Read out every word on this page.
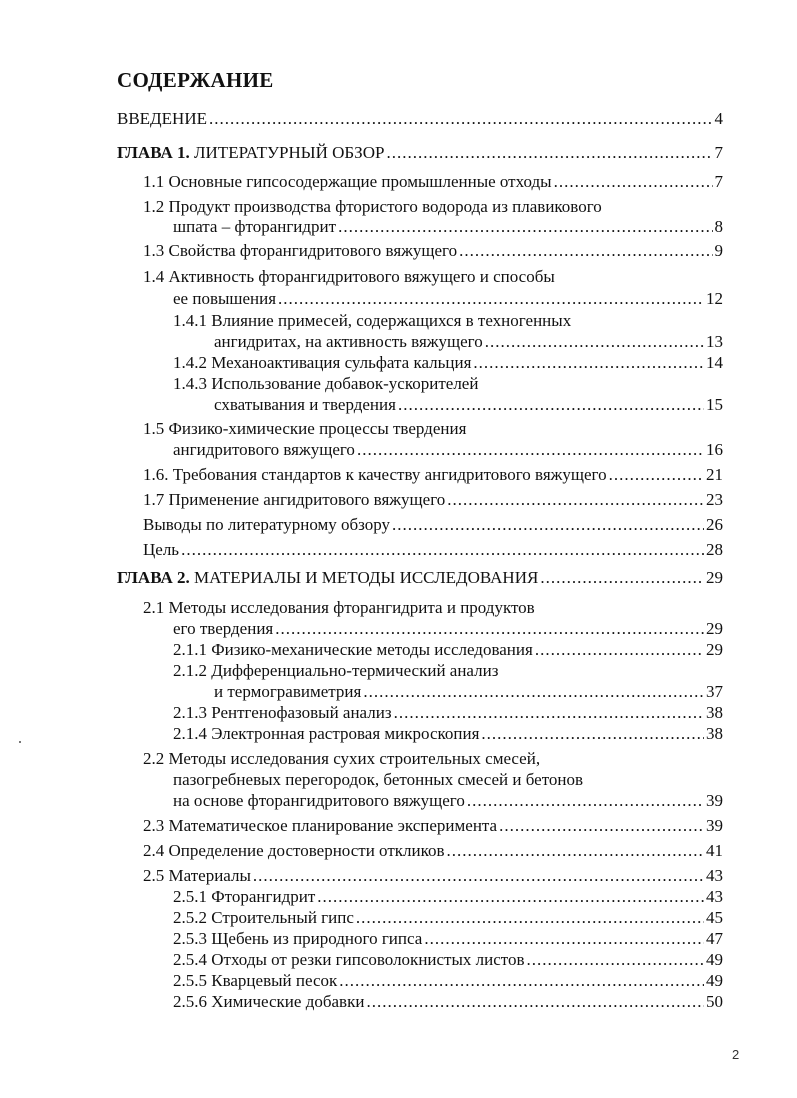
СОДЕРЖАНИЕ
ВВЕДЕНИЕ .....	4
ГЛАВА 1. ЛИТЕРАТУРНЫЙ ОБЗОР .....	7
1.1 Основные гипсосодержащие промышленные отходы .....	7
1.2 Продукт производства фтористого водорода из плавикового
шпата – фторангидрит .....	8
1.3 Свойства фторангидритового вяжущего .....	9
1.4 Активность фторангидритового вяжущего и способы
ее повышения .....	12
1.4.1 Влияние примесей, содержащихся в техногенных
ангидритах, на активность вяжущего .....	13
1.4.2 Механоактивация сульфата кальция .....	14
1.4.3 Использование добавок-ускорителей
схватывания и твердения .....	15
1.5 Физико-химические процессы твердения
ангидритового вяжущего .....	16
1.6. Требования стандартов к качеству ангидритового вяжущего .....	21
1.7 Применение ангидритового вяжущего .....	23
Выводы по литературному обзору .....	26
Цель .....	28
ГЛАВА 2. МАТЕРИАЛЫ И МЕТОДЫ ИССЛЕДОВАНИЯ .....	29
2.1 Методы исследования фторангидрита и продуктов
его твердения .....	29
2.1.1 Физико-механические методы исследования .....	29
2.1.2 Дифференциально-термический анализ
и термогравиметрия .....	37
2.1.3 Рентгенофазовый анализ .....	38
2.1.4 Электронная растровая микроскопия .....	38
2.2 Методы исследования сухих строительных смесей,
пазогребневых перегородок, бетонных смесей и бетонов
на основе фторангидритового вяжущего .....	39
2.3 Математическое планирование эксперимента .....	39
2.4 Определение достоверности откликов .....	41
2.5 Материалы .....	43
2.5.1 Фторангидрит .....	43
2.5.2 Строительный гипс .....	45
2.5.3 Щебень из природного гипса .....	47
2.5.4 Отходы от резки гипсоволокнистых листов .....	49
2.5.5 Кварцевый песок .....	49
2.5.6 Химические добавки .....	50
2
